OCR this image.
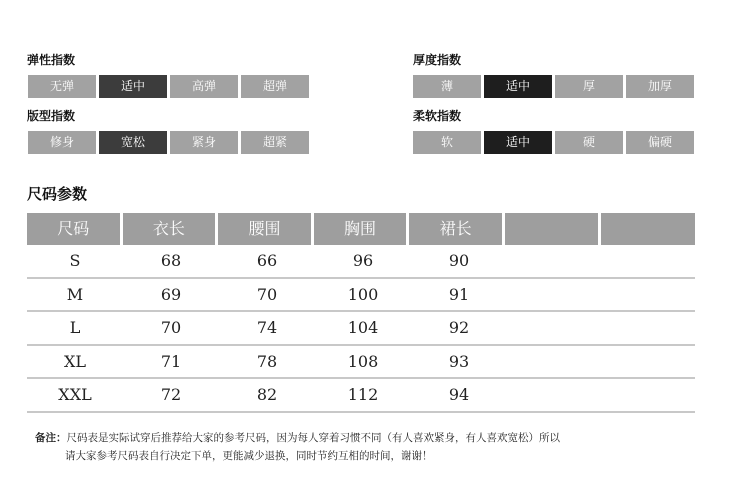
弹性指数
无弹	适中	高弹	超弹
版型指数
修身	宽松	紧身	超紧
厚度指数
薄	适中	厚	加厚
柔软指数
软	适中	硬	偏硬
尺码参数
尺码	衣长	腰围	胸围	裙长
S	68	66	96	90
M	69	70	100	91
L	70	74	104	92
XL	71	78	108	93
XXL	72	82	112	94
备注：尺码表是实际试穿后推荐给大家的参考尺码，因为每人穿着习惯不同（有人喜欢紧身，有人喜欢宽松）所以
请大家参考尺码表自行决定下单，更能减少退换，同时节约互相的时间，谢谢！
